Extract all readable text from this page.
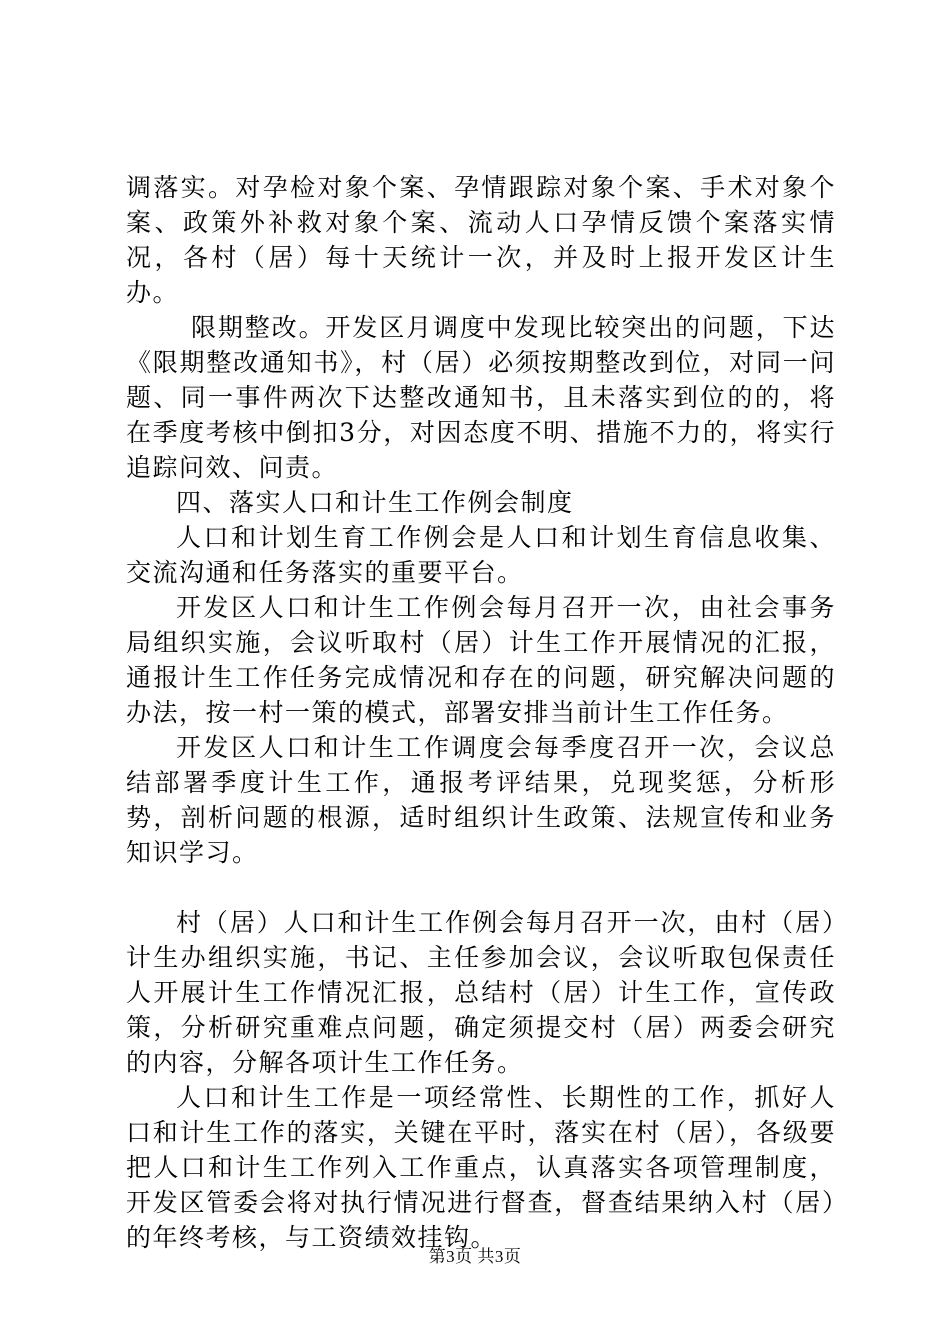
调落实。对孕检对象个案、孕情跟踪对象个案、手术对象个案、政策外补救对象个案、流动人口孕情反馈个案落实情况，各村（居）每十天统计一次，并及时上报开发区计生办。

限期整改。开发区月调度中发现比较突出的问题，下达《限期整改通知书》，村（居）必须按期整改到位，对同一问题、同一事件两次下达整改通知书，且未落实到位的的，将在季度考核中倒扣3分，对因态度不明、措施不力的，将实行追踪问效、问责。

四、落实人口和计生工作例会制度

人口和计划生育工作例会是人口和计划生育信息收集、交流沟通和任务落实的重要平台。

开发区人口和计生工作例会每月召开一次，由社会事务局组织实施，会议听取村（居）计生工作开展情况的汇报，通报计生工作任务完成情况和存在的问题，研究解决问题的办法，按一村一策的模式，部署安排当前计生工作任务。

开发区人口和计生工作调度会每季度召开一次，会议总结部署季度计生工作，通报考评结果，兑现奖惩，分析形势，剖析问题的根源，适时组织计生政策、法规宣传和业务知识学习。

村（居）人口和计生工作例会每月召开一次，由村（居）计生办组织实施，书记、主任参加会议，会议听取包保责任人开展计生工作情况汇报，总结村（居）计生工作，宣传政策，分析研究重难点问题，确定须提交村（居）两委会研究的内容，分解各项计生工作任务。

人口和计生工作是一项经常性、长期性的工作，抓好人口和计生工作的落实，关键在平时，落实在村（居），各级要把人口和计生工作列入工作重点，认真落实各项管理制度，开发区管委会将对执行情况进行督查，督查结果纳入村（居）的年终考核，与工资绩效挂钩。

第3页 共3页
